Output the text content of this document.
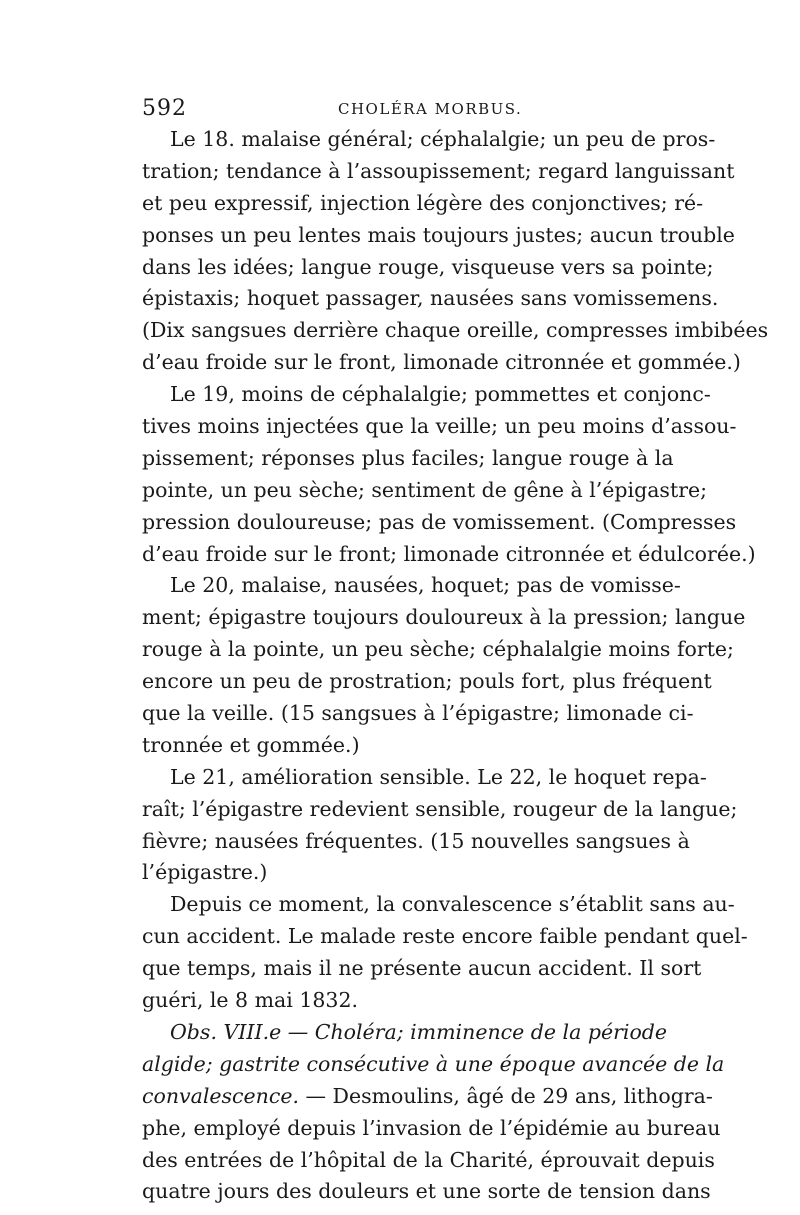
592	CHOLÉRA MORBUS.
Le 18. malaise général; céphalalgie; un peu de pros-
tration; tendance à l’assoupissement; regard languissant
et peu expressif, injection légère des conjonctives; ré-
ponses un peu lentes mais toujours justes; aucun trouble
dans les idées; langue rouge, visqueuse vers sa pointe;
épistaxis; hoquet passager, nausées sans vomissemens.
(Dix sangsues derrière chaque oreille, compresses imbibées
d’eau froide sur le front, limonade citronnée et gommée.)
Le 19, moins de céphalalgie; pommettes et conjonc-
tives moins injectées que la veille; un peu moins d’assou-
pissement; réponses plus faciles; langue rouge à la
pointe, un peu sèche; sentiment de gêne à l’épigastre;
pression douloureuse; pas de vomissement. (Compresses
d’eau froide sur le front; limonade citronnée et édulcorée.)
Le 20, malaise, nausées, hoquet; pas de vomisse-
ment; épigastre toujours douloureux à la pression; langue
rouge à la pointe, un peu sèche; céphalalgie moins forte;
encore un peu de prostration; pouls fort, plus fréquent
que la veille. (15 sangsues à l’épigastre; limonade ci-
tronnée et gommée.)
Le 21, amélioration sensible. Le 22, le hoquet repa-
raît; l’épigastre redevient sensible, rougeur de la langue;
fièvre; nausées fréquentes. (15 nouvelles sangsues à
l’épigastre.)
Depuis ce moment, la convalescence s’établit sans au-
cun accident. Le malade reste encore faible pendant quel-
que temps, mais il ne présente aucun accident. Il sort
guéri, le 8 mai 1832.
Obs. VIII.e — Choléra; imminence de la période
algide; gastrite consécutive à une époque avancée de la
convalescence. — Desmoulins, âgé de 29 ans, lithogra-
phe, employé depuis l’invasion de l’épidémie au bureau
des entrées de l’hôpital de la Charité, éprouvait depuis
quatre jours des douleurs et une sorte de tension dans
